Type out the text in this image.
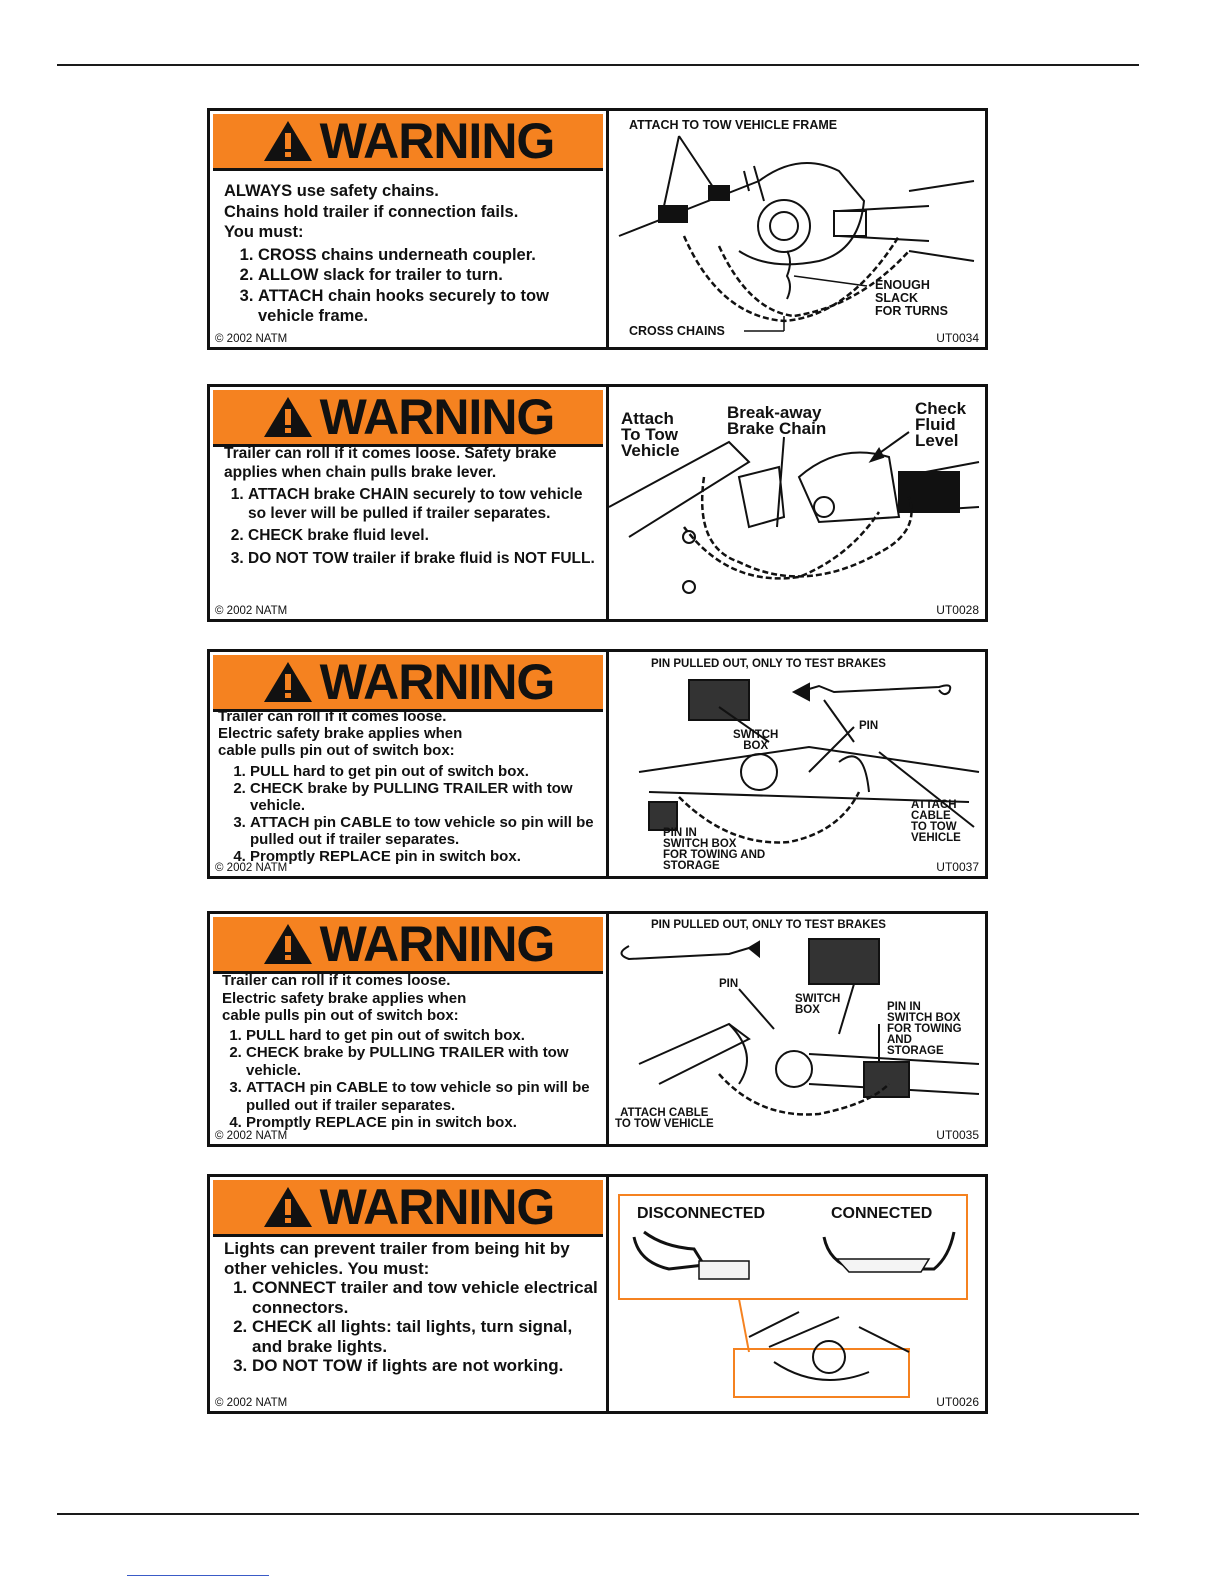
WARNING
ALWAYS use safety chains.
Chains hold trailer if connection fails.
You must:
1. CROSS chains underneath coupler.
2. ALLOW slack for trailer to turn.
3. ATTACH chain hooks securely to tow vehicle frame.
© 2002 NATM
ATTACH TO TOW VEHICLE FRAME
ENOUGH
SLACK
FOR TURNS
CROSS CHAINS	UT0034
WARNING
Trailer can roll if it comes loose. Safety brake applies when chain pulls brake lever.
1. ATTACH brake CHAIN securely to tow vehicle so lever will be pulled if trailer separates.
2. CHECK brake fluid level.
3. DO NOT TOW trailer if brake fluid is NOT FULL.
© 2002 NATM
Attach
To Tow
Vehicle
Break-away
Brake Chain
Check
Fluid
Level
UT0028
WARNING
Trailer can roll if it comes loose.
Electric safety brake applies when
cable pulls pin out of switch box:
1. PULL hard to get pin out of switch box.
2. CHECK brake by PULLING TRAILER with tow vehicle.
3. ATTACH pin CABLE to tow vehicle so pin will be pulled out if trailer separates.
4. Promptly REPLACE pin in switch box.
© 2002 NATM
PIN PULLED OUT, ONLY TO TEST BRAKES
SWITCH
BOX
PIN
ATTACH
CABLE
TO TOW
VEHICLE
PIN IN
SWITCH BOX
FOR TOWING AND
STORAGE	UT0037
WARNING
Trailer can roll if it comes loose.
Electric safety brake applies when
cable pulls pin out of switch box:
1. PULL hard to get pin out of switch box.
2. CHECK brake by PULLING TRAILER with tow vehicle.
3. ATTACH pin CABLE to tow vehicle so pin will be pulled out if trailer separates.
4. Promptly REPLACE pin in switch box.
© 2002 NATM
PIN PULLED OUT, ONLY TO TEST BRAKES
PIN
SWITCH
BOX	PIN IN
SWITCH BOX
FOR TOWING
AND
STORAGE
ATTACH CABLE
TO TOW VEHICLE
UT0035
WARNING
Lights can prevent trailer from being hit by other vehicles. You must:
1. CONNECT trailer and tow vehicle electrical connectors.
2. CHECK all lights: tail lights, turn signal, and brake lights.
3. DO NOT TOW if lights are not working.
© 2002 NATM
DISCONNECTED	CONNECTED
UT0026
